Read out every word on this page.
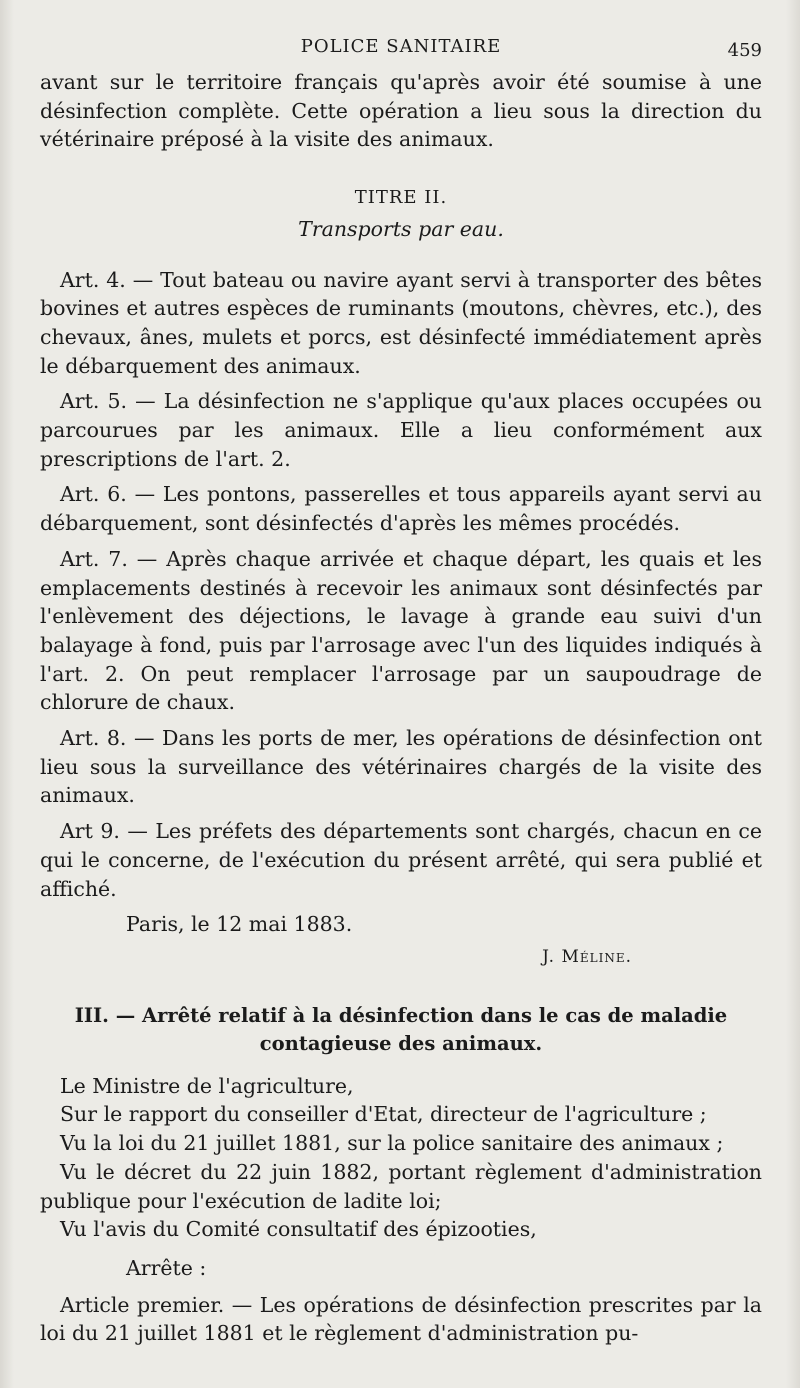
POLICE SANITAIRE	459

avant sur le territoire français qu'après avoir été soumise à une désinfection complète. Cette opération a lieu sous la direction du vétérinaire préposé à la visite des animaux.

TITRE II.
Transports par eau.

Art. 4. — Tout bateau ou navire ayant servi à transporter des bêtes bovines et autres espèces de ruminants (moutons, chèvres, etc.), des chevaux, ânes, mulets et porcs, est désinfecté immédiatement après le débarquement des animaux.

Art. 5. — La désinfection ne s'applique qu'aux places occupées ou parcourues par les animaux. Elle a lieu conformément aux prescriptions de l'art. 2.

Art. 6. — Les pontons, passerelles et tous appareils ayant servi au débarquement, sont désinfectés d'après les mêmes procédés.

Art. 7. — Après chaque arrivée et chaque départ, les quais et les emplacements destinés à recevoir les animaux sont désinfectés par l'enlèvement des déjections, le lavage à grande eau suivi d'un balayage à fond, puis par l'arrosage avec l'un des liquides indiqués à l'art. 2. On peut remplacer l'arrosage par un saupoudrage de chlorure de chaux.

Art. 8. — Dans les ports de mer, les opérations de désinfection ont lieu sous la surveillance des vétérinaires chargés de la visite des animaux.

Art 9. — Les préfets des départements sont chargés, chacun en ce qui le concerne, de l'exécution du présent arrêté, qui sera publié et affiché.

Paris, le 12 mai 1883.
J. Méline.
III. — Arrêté relatif à la désinfection dans le cas de maladie contagieuse des animaux.

Le Ministre de l'agriculture,

Sur le rapport du conseiller d'Etat, directeur de l'agriculture ;

Vu la loi du 21 juillet 1881, sur la police sanitaire des animaux ;

Vu le décret du 22 juin 1882, portant règlement d'administration publique pour l'exécution de ladite loi;

Vu l'avis du Comité consultatif des épizooties,

Arrête :

Article premier. — Les opérations de désinfection prescrites par la loi du 21 juillet 1881 et le règlement d'administration pu-
